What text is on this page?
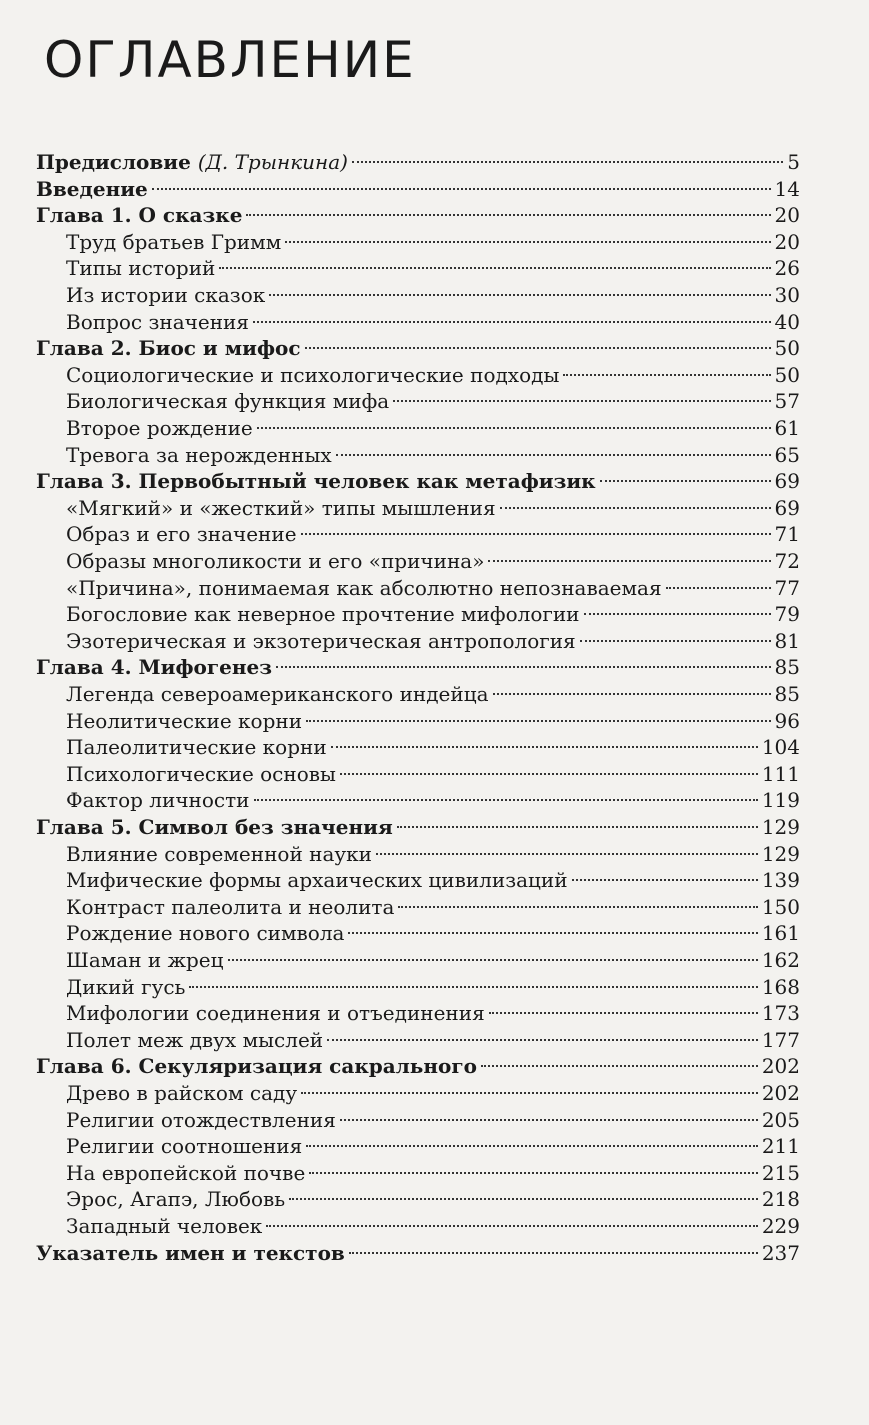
ОГЛАВЛЕНИЕ
Предисловие (Д. Трынкина)	5
Введение	14
Глава 1. О сказке	20
Труд братьев Гримм	20
Типы историй	26
Из истории сказок	30
Вопрос значения	40
Глава 2. Биос и мифос	50
Социологические и психологические подходы	50
Биологическая функция мифа	57
Второе рождение	61
Тревога за нерожденных	65
Глава 3. Первобытный человек как метафизик	69
«Мягкий» и «жесткий» типы мышления	69
Образ и его значение	71
Образы многоликости и его «причина»	72
«Причина», понимаемая как абсолютно непознаваемая	77
Богословие как неверное прочтение мифологии	79
Эзотерическая и экзотерическая антропология	81
Глава 4. Мифогенез	85
Легенда североамериканского индейца	85
Неолитические корни	96
Палеолитические корни	104
Психологические основы	111
Фактор личности	119
Глава 5. Символ без значения	129
Влияние современной науки	129
Мифические формы архаических цивилизаций	139
Контраст палеолита и неолита	150
Рождение нового символа	161
Шаман и жрец	162
Дикий гусь	168
Мифологии соединения и отъединения	173
Полет меж двух мыслей	177
Глава 6. Секуляризация сакрального	202
Древо в райском саду	202
Религии отождествления	205
Религии соотношения	211
На европейской почве	215
Эрос, Агапэ, Любовь	218
Западный человек	229
Указатель имен и текстов	237
